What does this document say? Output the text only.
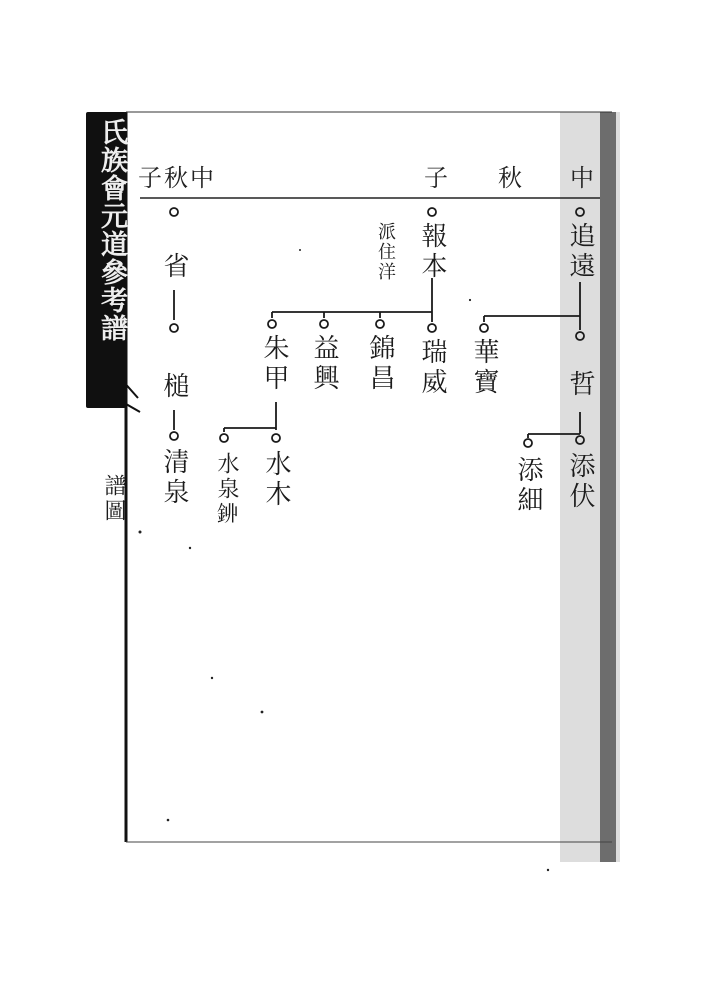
氏族會元道參考譜
譜圖
中
子 秋
中
秋
子
追遠
哲
添伏
添細
華寶
報本
派住洋
瑞威
錦昌
益興
朱甲
水木
水泉𨥥
省
槌
清泉
